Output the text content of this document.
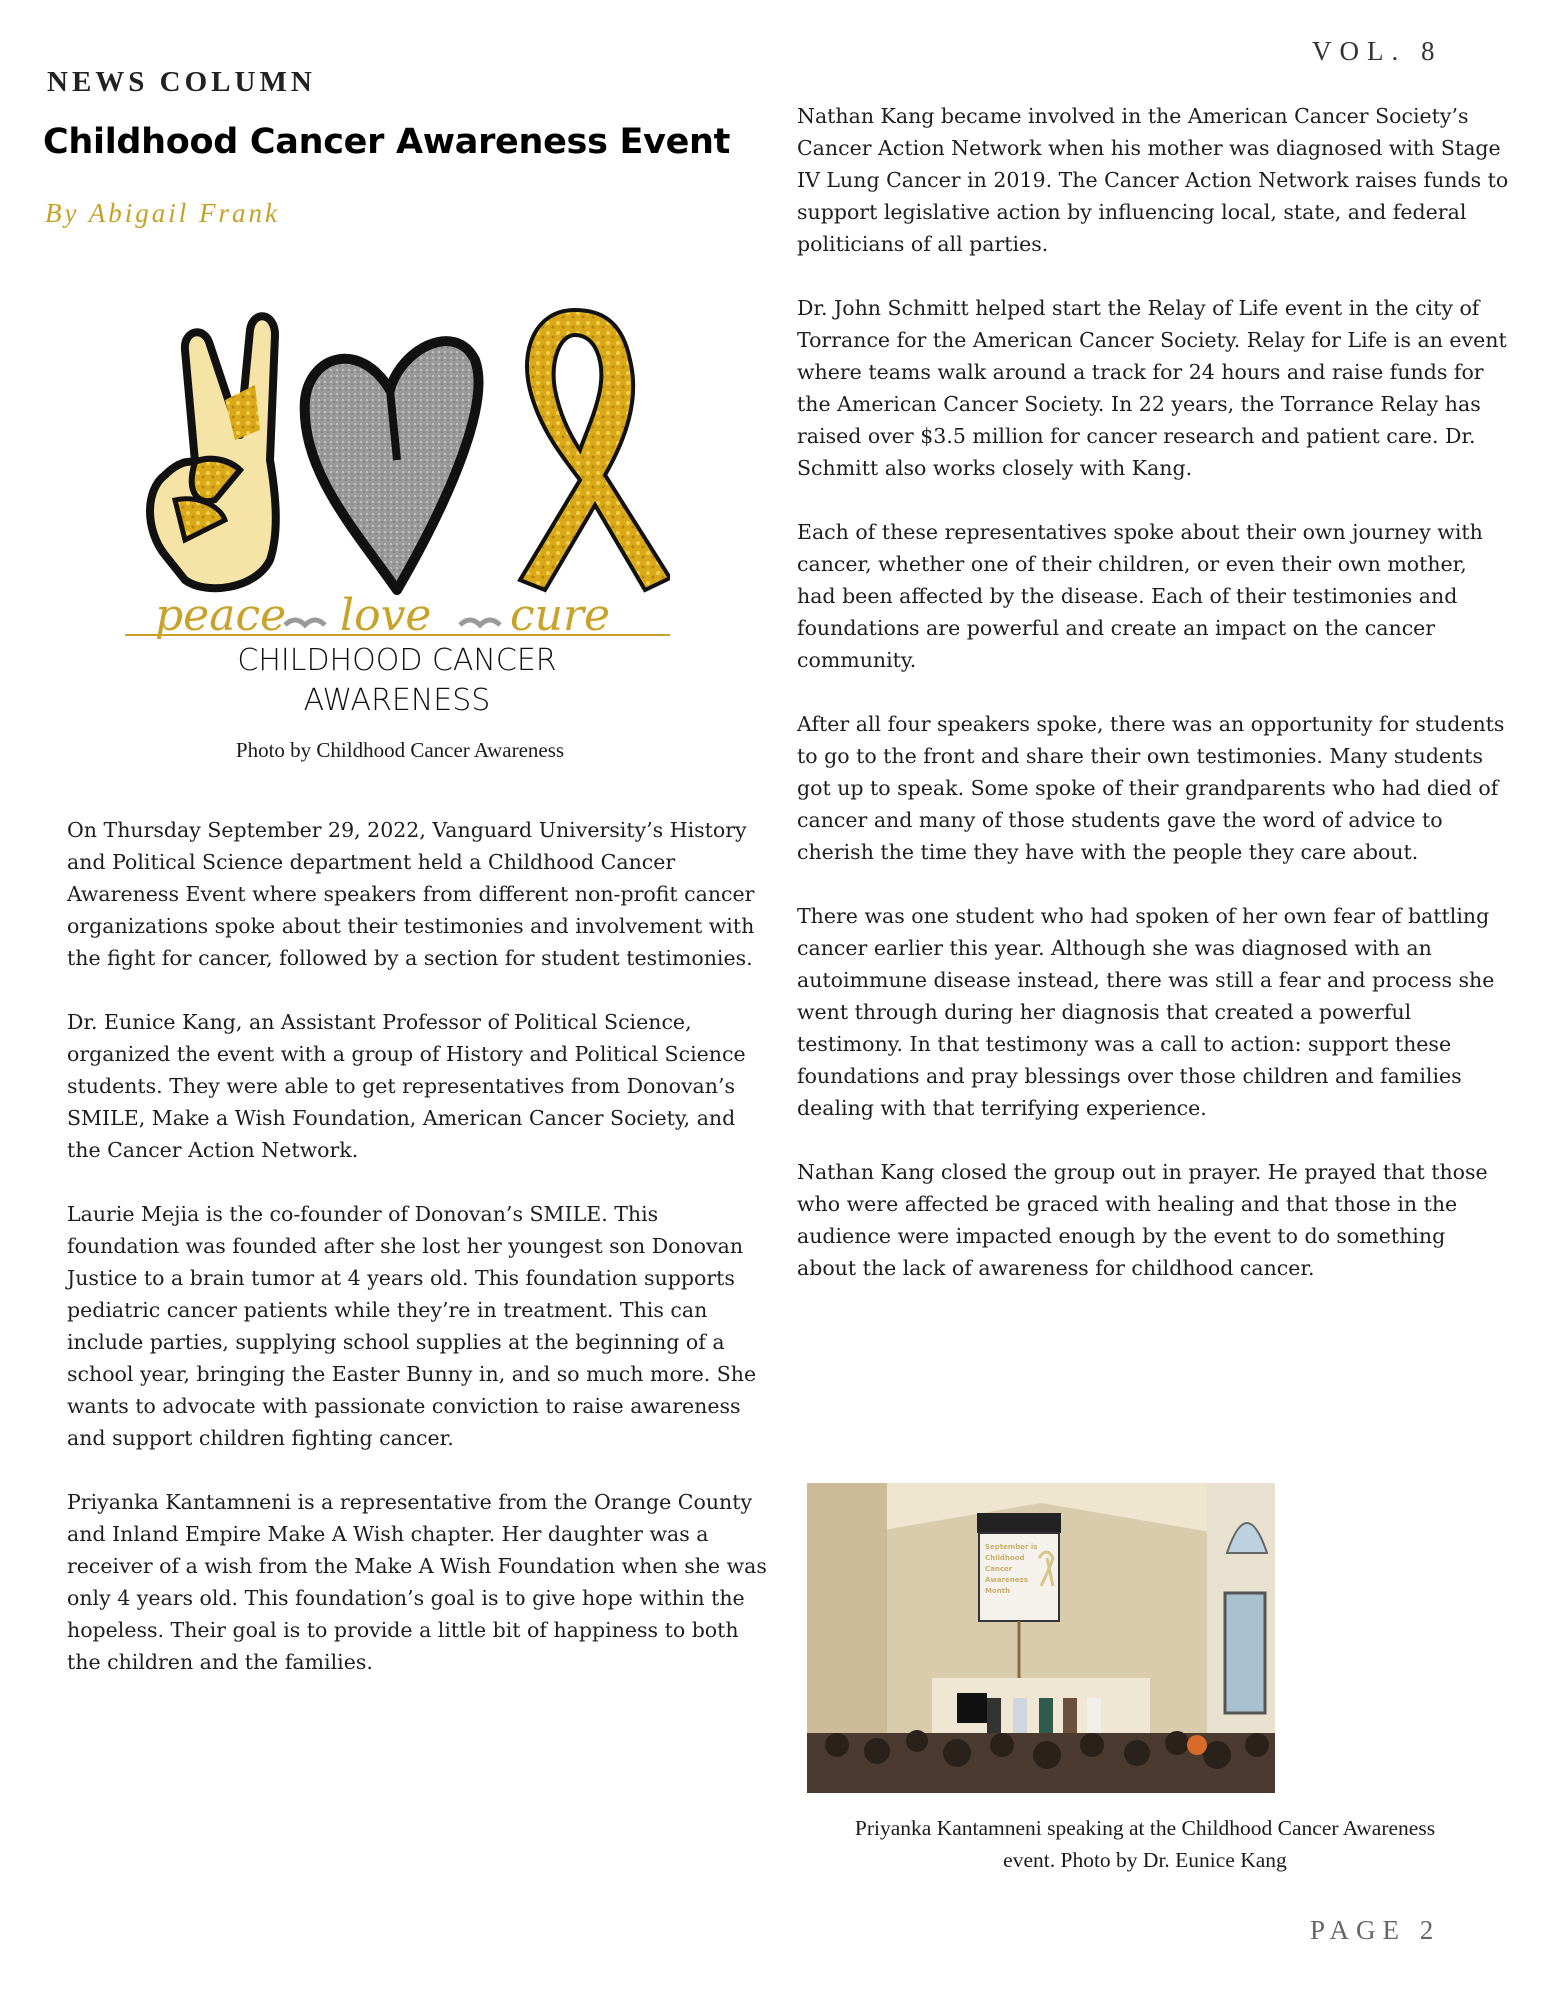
VOL. 8
NEWS COLUMN
Childhood Cancer Awareness Event
By Abigail Frank
peace love cure
CHILDHOOD CANCER
AWARENESS
Photo by Childhood Cancer Awareness

On Thursday September 29, 2022, Vanguard University’s History and Political Science department held a Childhood Cancer Awareness Event where speakers from different non-profit cancer organizations spoke about their testimonies and involvement with the fight for cancer, followed by a section for student testimonies.

Dr. Eunice Kang, an Assistant Professor of Political Science, organized the event with a group of History and Political Science students. They were able to get representatives from Donovan’s SMILE, Make a Wish Foundation, American Cancer Society, and the Cancer Action Network.

Laurie Mejia is the co-founder of Donovan’s SMILE. This foundation was founded after she lost her youngest son Donovan Justice to a brain tumor at 4 years old. This foundation supports pediatric cancer patients while they’re in treatment. This can include parties, supplying school supplies at the beginning of a school year, bringing the Easter Bunny in, and so much more. She wants to advocate with passionate conviction to raise awareness and support children fighting cancer.

Priyanka Kantamneni is a representative from the Orange County and Inland Empire Make A Wish chapter. Her daughter was a receiver of a wish from the Make A Wish Foundation when she was only 4 years old. This foundation’s goal is to give hope within the hopeless. Their goal is to provide a little bit of happiness to both the children and the families.

Nathan Kang became involved in the American Cancer Society’s Cancer Action Network when his mother was diagnosed with Stage IV Lung Cancer in 2019. The Cancer Action Network raises funds to support legislative action by influencing local, state, and federal politicians of all parties.

Dr. John Schmitt helped start the Relay of Life event in the city of Torrance for the American Cancer Society. Relay for Life is an event where teams walk around a track for 24 hours and raise funds for the American Cancer Society. In 22 years, the Torrance Relay has raised over $3.5 million for cancer research and patient care. Dr. Schmitt also works closely with Kang.

Each of these representatives spoke about their own journey with cancer, whether one of their children, or even their own mother, had been affected by the disease. Each of their testimonies and foundations are powerful and create an impact on the cancer community.

After all four speakers spoke, there was an opportunity for students to go to the front and share their own testimonies. Many students got up to speak. Some spoke of their grandparents who had died of cancer and many of those students gave the word of advice to cherish the time they have with the people they care about.

There was one student who had spoken of her own fear of battling cancer earlier this year. Although she was diagnosed with an autoimmune disease instead, there was still a fear and process she went through during her diagnosis that created a powerful testimony. In that testimony was a call to action: support these foundations and pray blessings over those children and families dealing with that terrifying experience.

Nathan Kang closed the group out in prayer. He prayed that those who were affected be graced with healing and that those in the audience were impacted enough by the event to do something about the lack of awareness for childhood cancer.

September is
Childhood
Cancer
Awareness
Month
Priyanka Kantamneni speaking at the Childhood Cancer Awareness
event. Photo by Dr. Eunice Kang
PAGE 2
